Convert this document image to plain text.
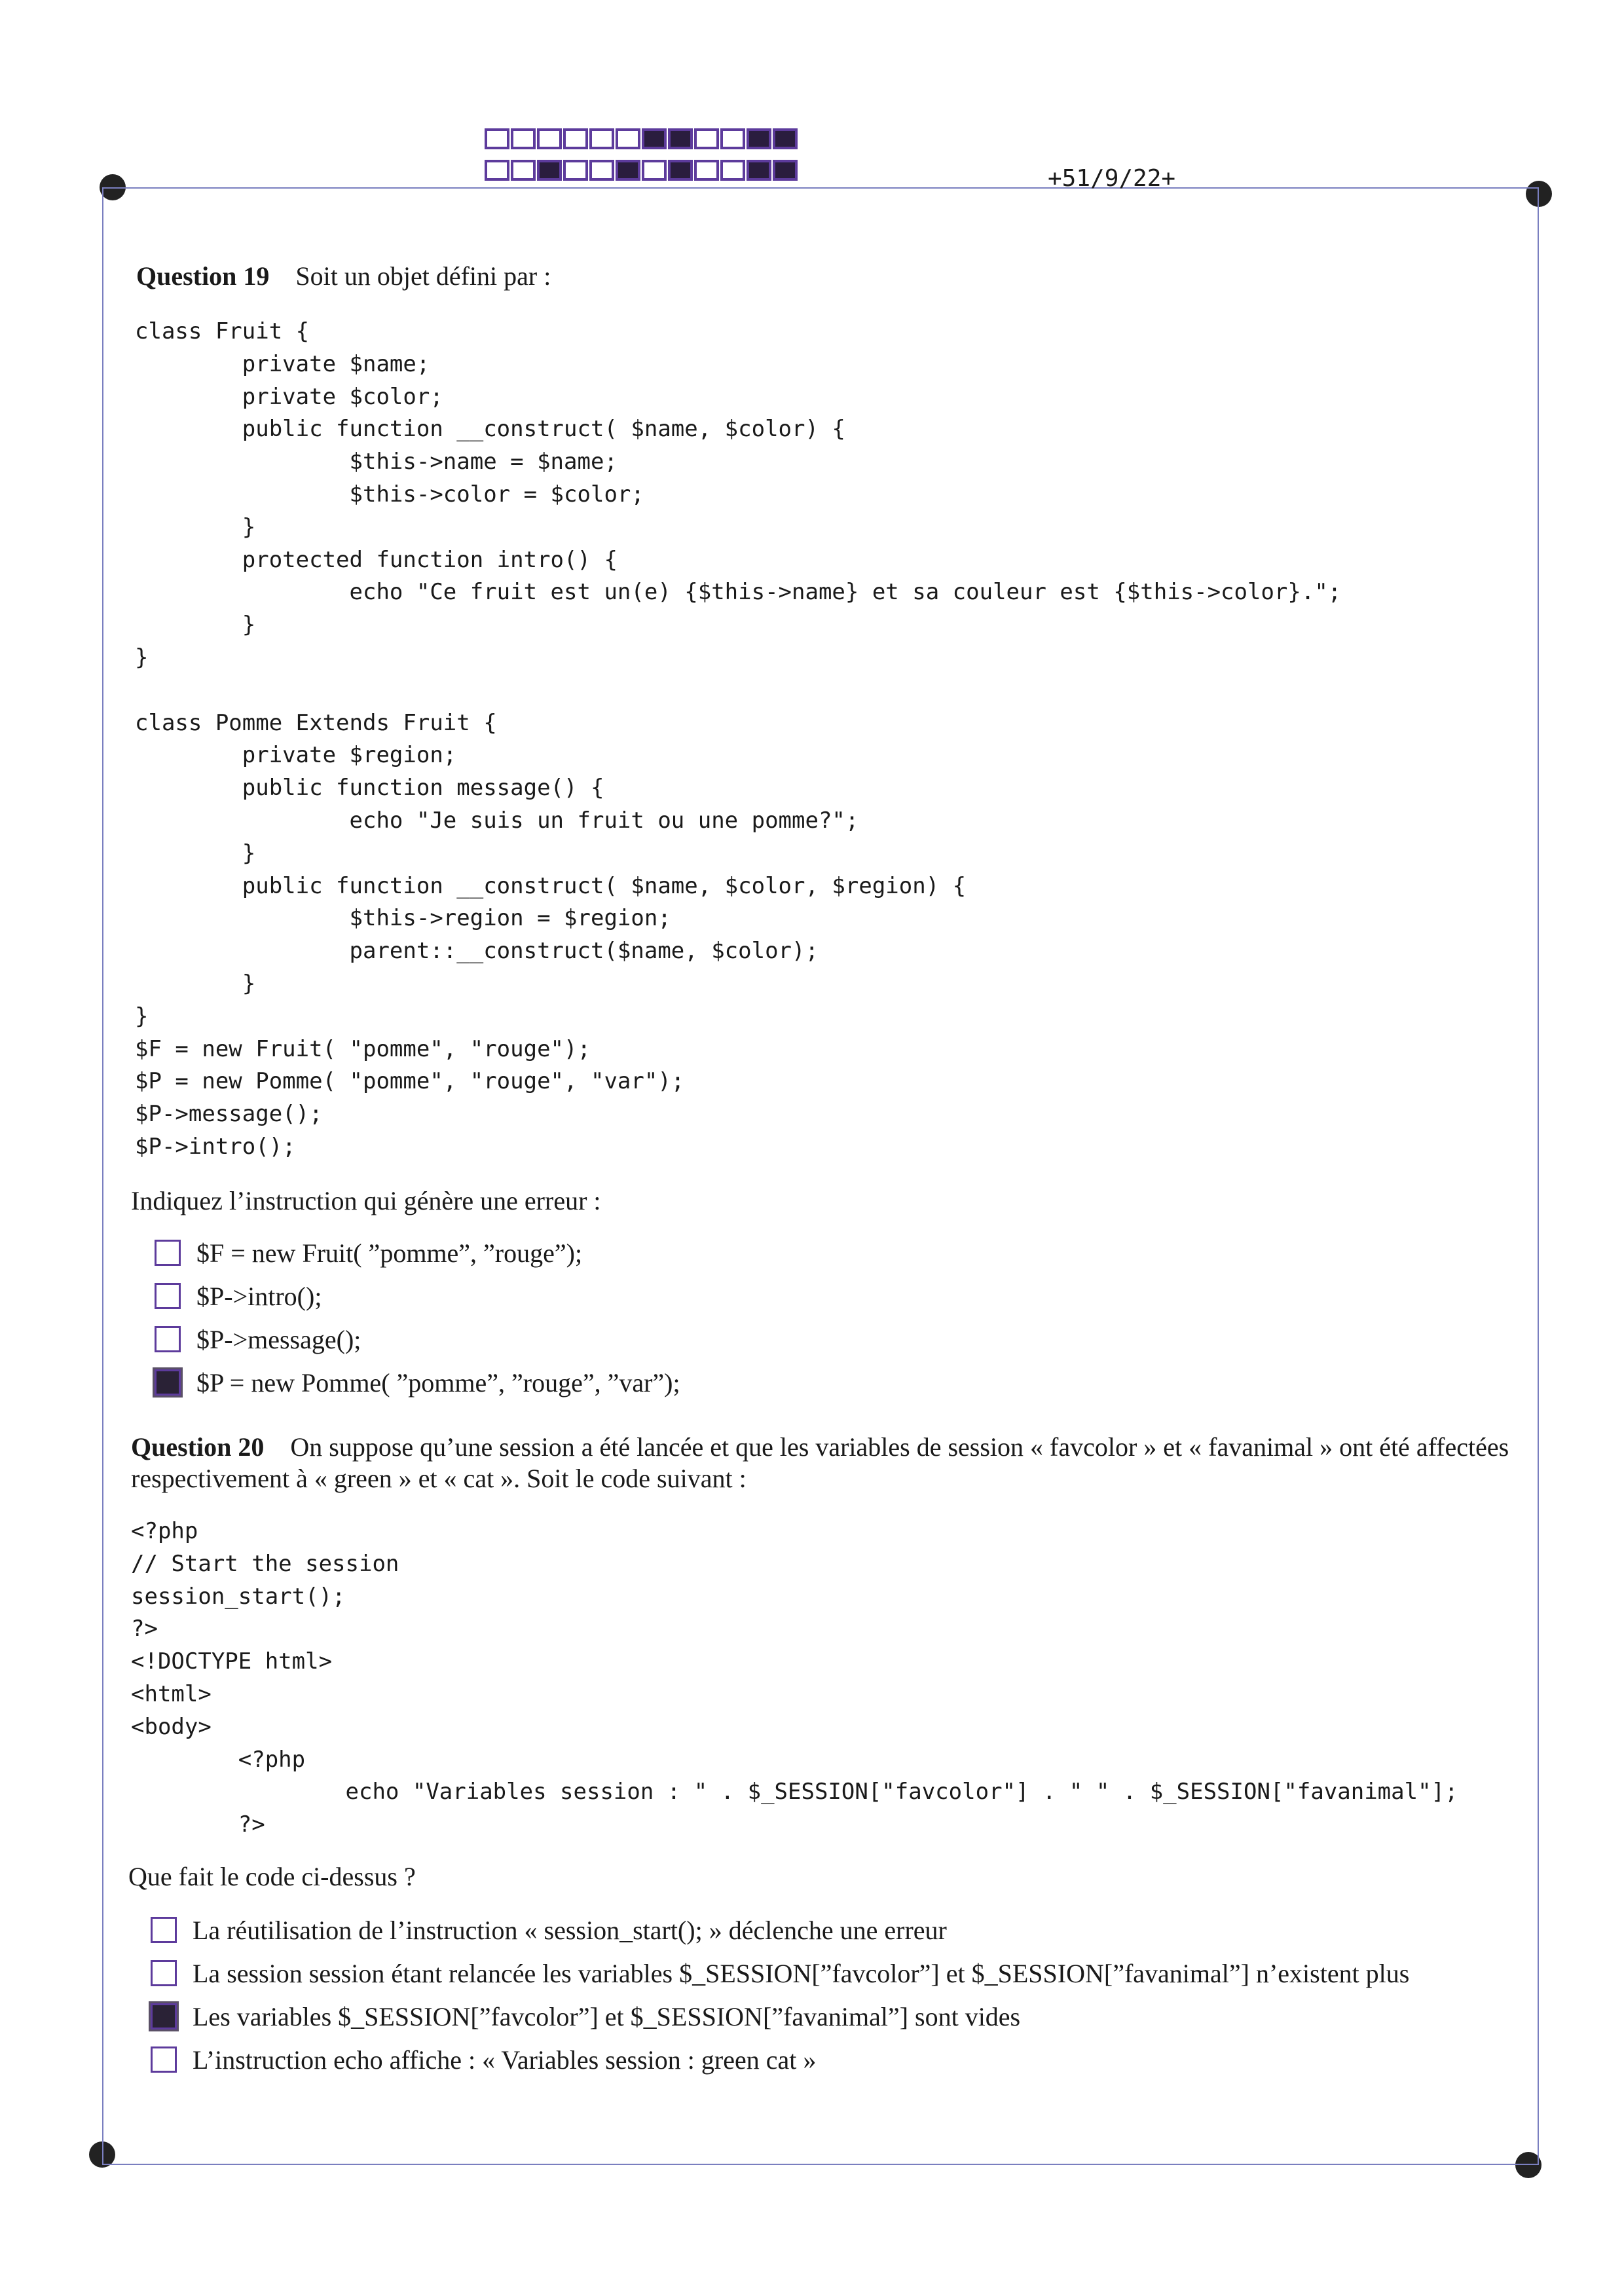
+51/9/22+
Question 19 Soit un objet défini par :
class Fruit {
private $name;
private $color;
public function __construct( $name, $color) {
$this->name = $name;
$this->color = $color;
}
protected function intro() {
echo "Ce fruit est un(e) {$this->name} et sa couleur est {$this->color}.";
}
}

class Pomme Extends Fruit {
private $region;
public function message() {
echo "Je suis un fruit ou une pomme?";
}
public function __construct( $name, $color, $region) {
$this->region = $region;
parent::__construct($name, $color);
}
}
$F = new Fruit( "pomme", "rouge");
$P = new Pomme( "pomme", "rouge", "var");
$P->message();
$P->intro();
Indiquez l’instruction qui génère une erreur :
$F = new Fruit( ”pomme”, ”rouge”);
$P->intro();
$P->message();
$P = new Pomme( ”pomme”, ”rouge”, ”var”);
Question 20 On suppose qu’une session a été lancée et que les variables de session « favcolor » et « favanimal » ont été affectées respectivement à « green » et « cat ». Soit le code suivant :
<?php
// Start the session
session_start();
?>
<!DOCTYPE html>
<html>
<body>
<?php
echo "Variables session : " . $_SESSION["favcolor"] . " " . $_SESSION["favanimal"];
?>
Que fait le code ci-dessus ?
La réutilisation de l’instruction « session_start(); » déclenche une erreur
La session session étant relancée les variables $_SESSION[”favcolor”] et $_SESSION[”favanimal”] n’existent plus
Les variables $_SESSION[”favcolor”] et $_SESSION[”favanimal”] sont vides
L’instruction echo affiche : « Variables session : green cat »
